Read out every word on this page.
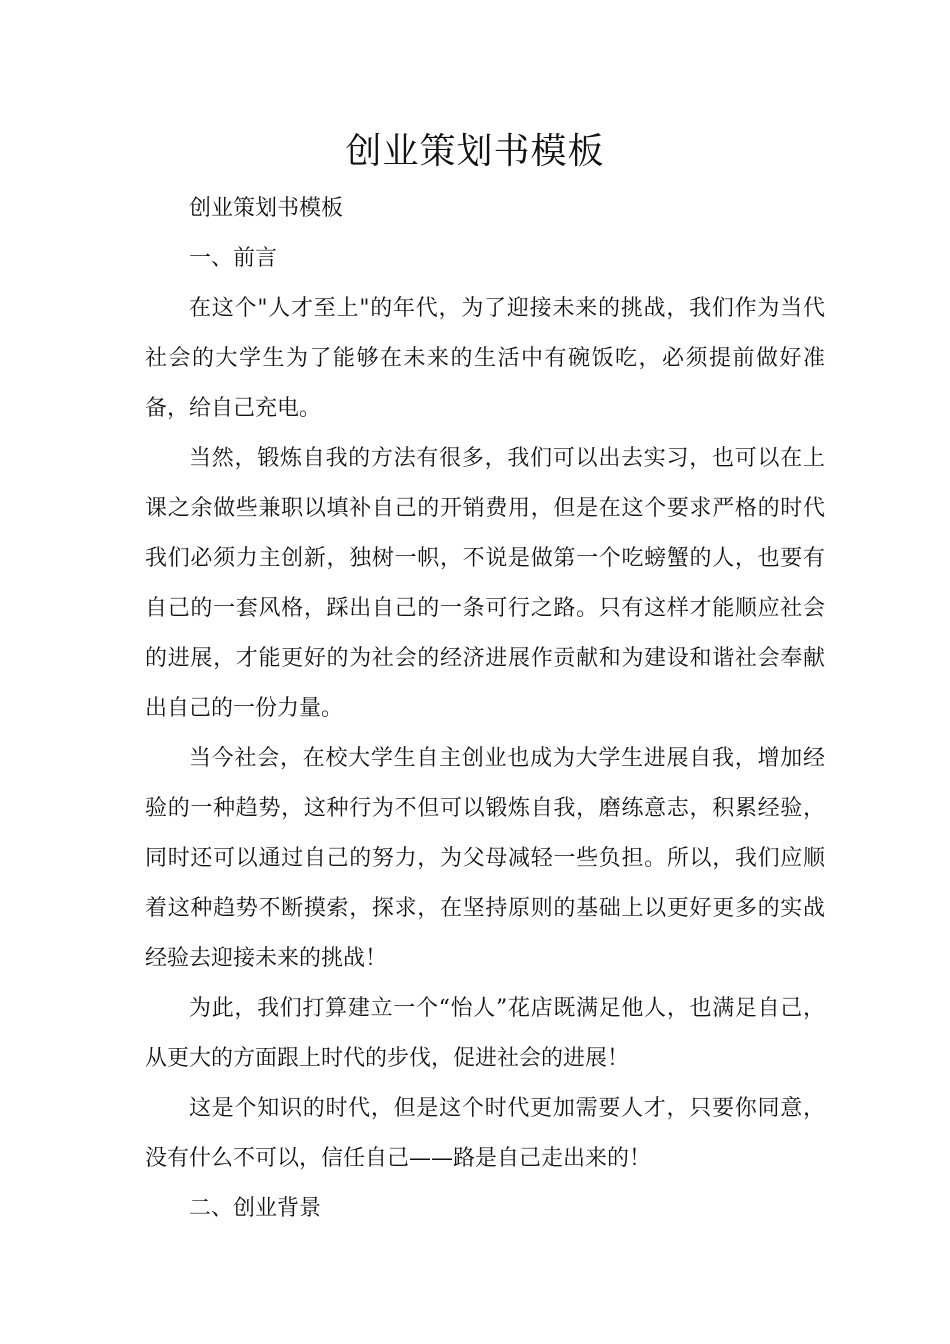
创业策划书模板

创业策划书模板

一、前言

在这个"人才至上"的年代，为了迎接未来的挑战，我们作为当代社会的大学生为了能够在未来的生活中有碗饭吃，必须提前做好准备，给自己充电。

当然，锻炼自我的方法有很多，我们可以出去实习，也可以在上课之余做些兼职以填补自己的开销费用，但是在这个要求严格的时代我们必须力主创新，独树一帜，不说是做第一个吃螃蟹的人，也要有自己的一套风格，踩出自己的一条可行之路。只有这样才能顺应社会的进展，才能更好的为社会的经济进展作贡献和为建设和谐社会奉献出自己的一份力量。

当今社会，在校大学生自主创业也成为大学生进展自我，增加经验的一种趋势，这种行为不但可以锻炼自我，磨练意志，积累经验，同时还可以通过自己的努力，为父母减轻一些负担。所以，我们应顺着这种趋势不断摸索，探求，在坚持原则的基础上以更好更多的实战经验去迎接未来的挑战！

为此，我们打算建立一个“怡人”花店既满足他人，也满足自己，从更大的方面跟上时代的步伐，促进社会的进展！

这是个知识的时代，但是这个时代更加需要人才，只要你同意，没有什么不可以，信任自己——路是自己走出来的！

二、创业背景
